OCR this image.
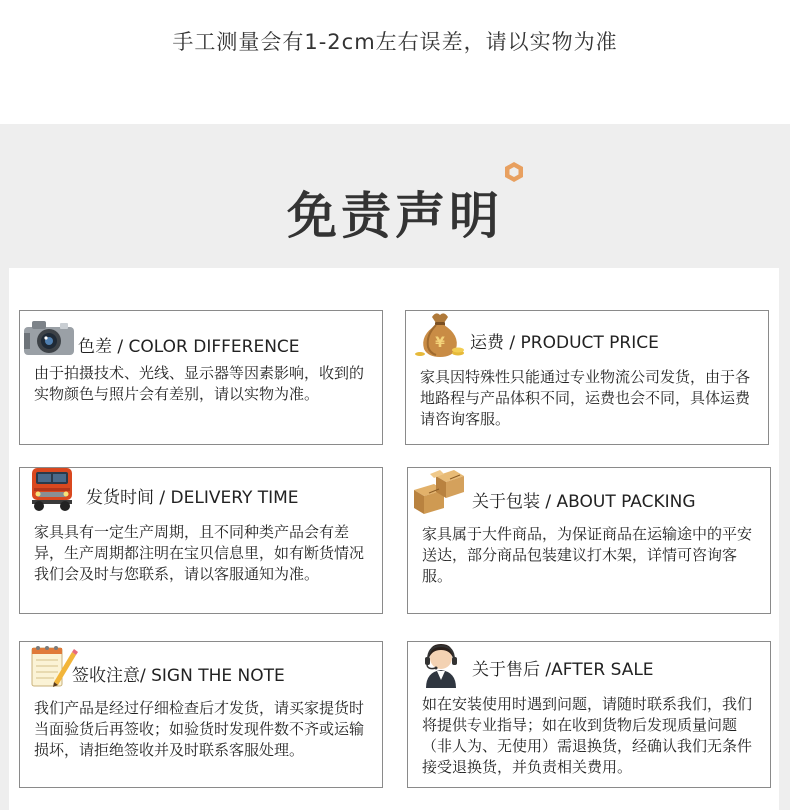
手工测量会有1-2cm左右误差，请以实物为准
免责声明
色差 / COLOR DIFFERENCE
由于拍摄技术、光线、显示器等因素影响，收到的实物颜色与照片会有差别，请以实物为准。
¥ 运费 / PRODUCT PRICE
家具因特殊性只能通过专业物流公司发货，由于各地路程与产品体积不同，运费也会不同，具体运费请咨询客服。
发货时间 / DELIVERY TIME
家具具有一定生产周期，且不同种类产品会有差异，生产周期都注明在宝贝信息里，如有断货情况我们会及时与您联系，请以客服通知为准。
关于包装 / ABOUT PACKING
家具属于大件商品，为保证商品在运输途中的平安送达，部分商品包装建议打木架，详情可咨询客服。
签收注意/ SIGN THE NOTE
我们产品是经过仔细检查后才发货，请买家提货时当面验货后再签收；如验货时发现件数不齐或运输损坏，请拒绝签收并及时联系客服处理。
关于售后 /AFTER SALE
如在安装使用时遇到问题，请随时联系我们，我们将提供专业指导；如在收到货物后发现质量问题（非人为、无使用）需退换货，经确认我们无条件接受退换货，并负责相关费用。
